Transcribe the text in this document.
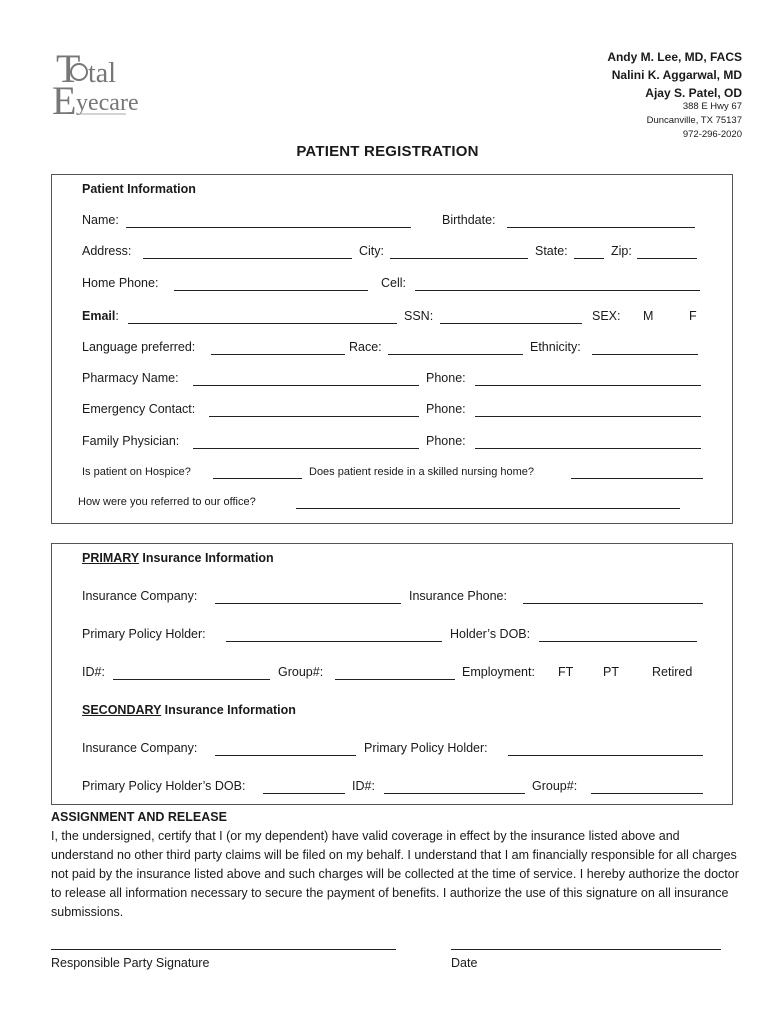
T tal
E yecare
Andy M. Lee, MD, FACS
Nalini K. Aggarwal, MD
Ajay S. Patel, OD
388 E Hwy 67
Duncanville, TX 75137
972-296-2020
PATIENT REGISTRATION
Patient Information
Name:	Birthdate:
Address:	City:	State:	Zip:
Home Phone:	Cell:
Email:	SSN:	SEX: M	F
Language preferred:	Race:	Ethnicity:
Pharmacy Name:	Phone:
Emergency Contact:	Phone:
Family Physician:	Phone:
Is patient on Hospice?	Does patient reside in a skilled nursing home?
How were you referred to our office?
PRIMARY Insurance Information
Insurance Company:	Insurance Phone:
Primary Policy Holder:	Holder’s DOB:
ID#:	Group#:	Employment: FT PT	Retired
SECONDARY Insurance Information
Insurance Company:	Primary Policy Holder:
Primary Policy Holder’s DOB:	ID#:	Group#:
ASSIGNMENT AND RELEASE
I, the undersigned, certify that I (or my dependent) have valid coverage in effect by the insurance listed above and understand no other third party claims will be filed on my behalf. I understand that I am financially responsible for all charges not paid by the insurance listed above and such charges will be collected at the time of service. I hereby authorize the doctor to release all information necessary to secure the payment of benefits. I authorize the use of this signature on all insurance submissions.
Responsible Party Signature	Date
